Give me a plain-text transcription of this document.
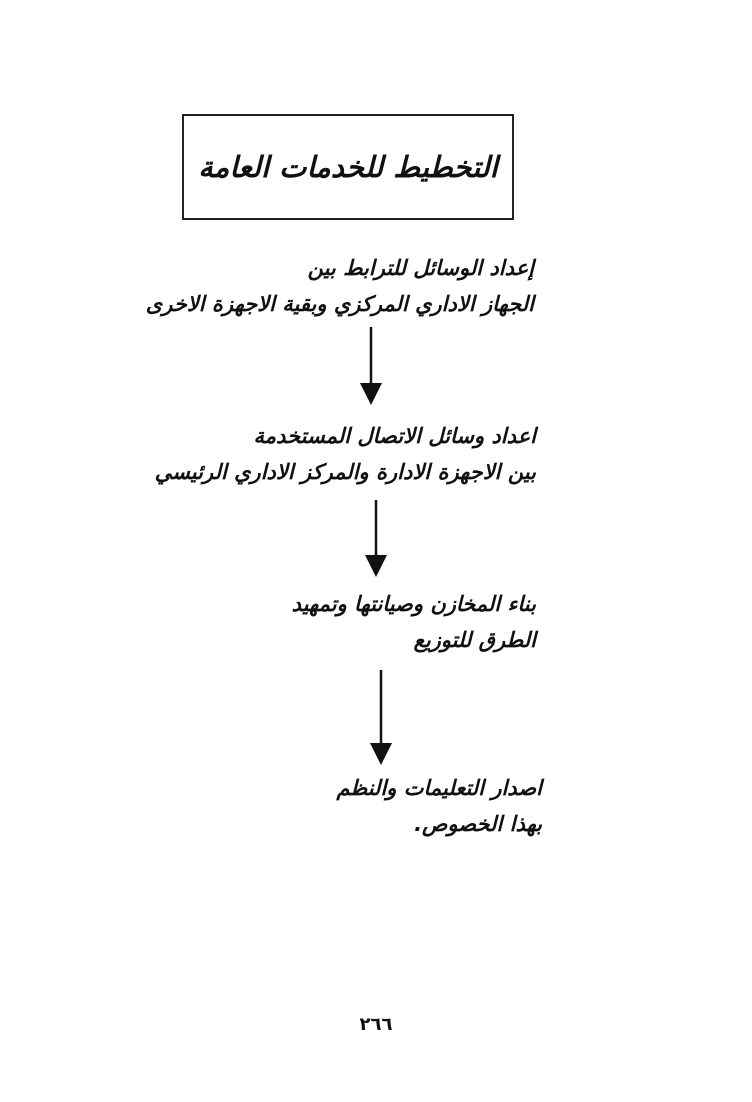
التخطيط للخدمات العامة
إعداد الوسائل للترابط بين
الجهاز الاداري المركزي وبقية الاجهزة الاخرى
اعداد وسائل الاتصال المستخدمة
بين الاجهزة الادارة والمركز الاداري الرئيسي
بناء المخازن وصيانتها وتمهيد
الطرق للتوزيع
اصدار التعليمات والنظم
بهذا الخصوص.
٢٦٦
